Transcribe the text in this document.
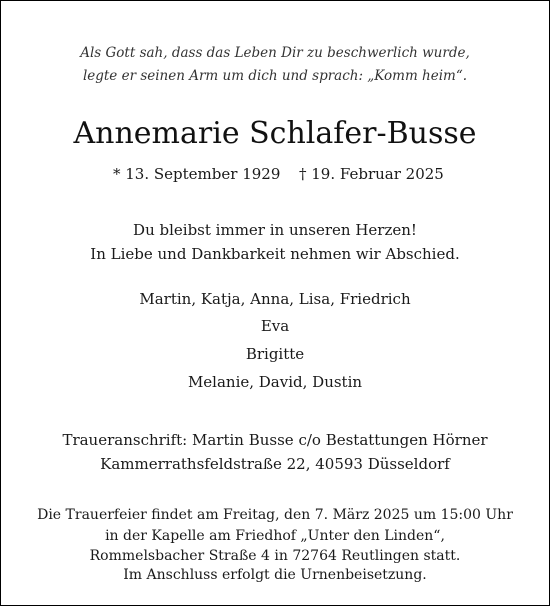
Als Gott sah, dass das Leben Dir zu beschwerlich wurde,
legte er seinen Arm um dich und sprach: „Komm heim“.
Annemarie Schlafer-Busse
* 13. September 1929 † 19. Februar 2025
Du bleibst immer in unseren Herzen!
In Liebe und Dankbarkeit nehmen wir Abschied.
Martin, Katja, Anna, Lisa, Friedrich
Eva
Brigitte
Melanie, David, Dustin
Traueranschrift: Martin Busse c/o Bestattungen Hörner
Kammerrathsfeldstraße 22, 40593 Düsseldorf
Die Trauerfeier findet am Freitag, den 7. März 2025 um 15:00 Uhr
in der Kapelle am Friedhof „Unter den Linden“,
Rommelsbacher Straße 4 in 72764 Reutlingen statt.
Im Anschluss erfolgt die Urnenbeisetzung.
